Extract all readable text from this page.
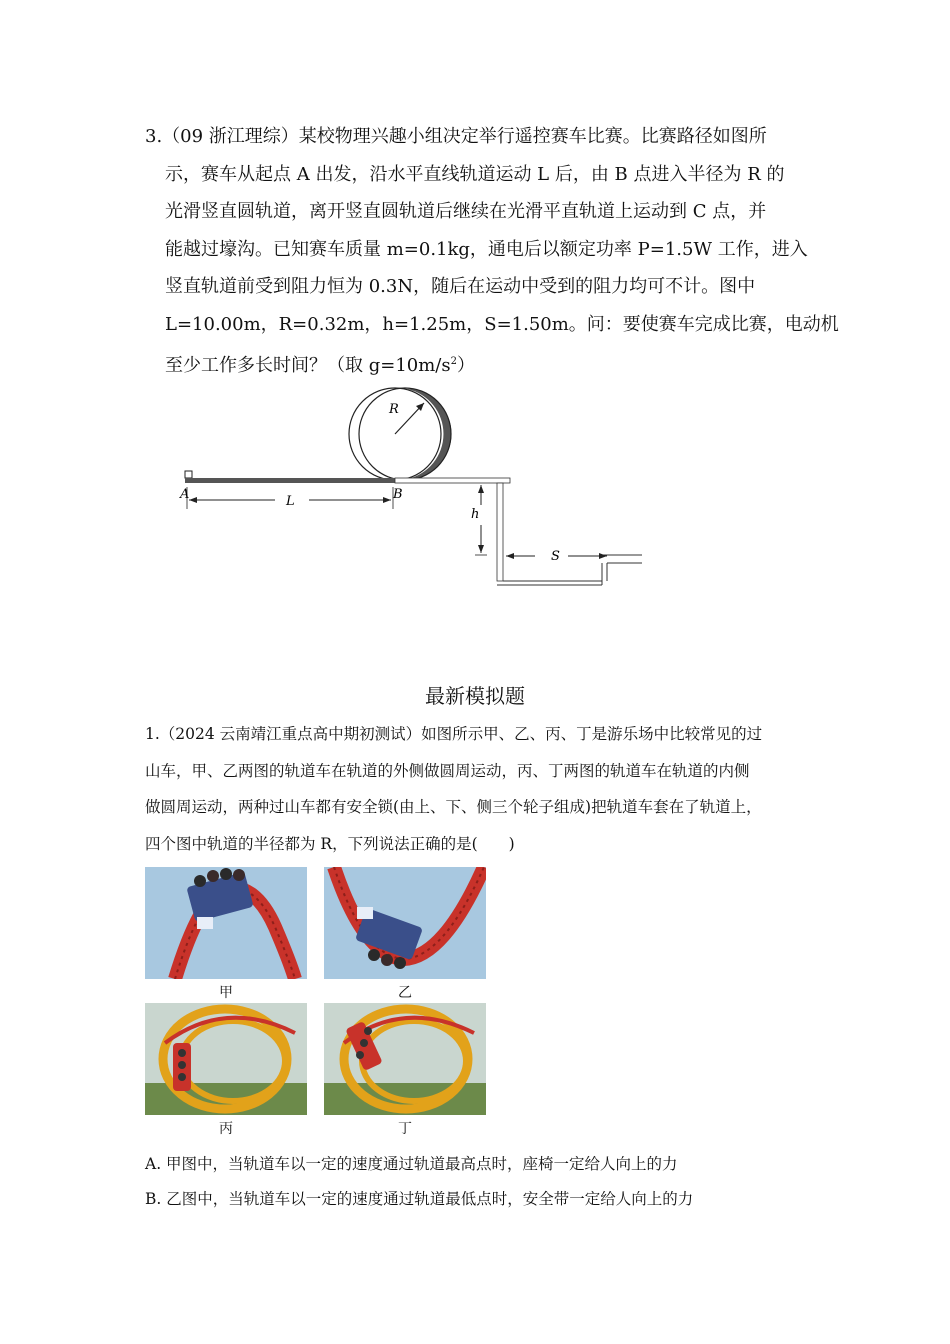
3.（09 浙江理综）某校物理兴趣小组决定举行遥控赛车比赛。比赛路径如图所
示，赛车从起点 A 出发，沿水平直线轨道运动 L 后，由 B 点进入半径为 R 的
光滑竖直圆轨道，离开竖直圆轨道后继续在光滑平直轨道上运动到 C 点，并
能越过壕沟。已知赛车质量 m=0.1kg，通电后以额定功率 P=1.5W 工作，进入
竖直轨道前受到阻力恒为 0.3N，随后在运动中受到的阻力均可不计。图中
L=10.00m，R=0.32m，h=1.25m，S=1.50m。问：要使赛车完成比赛，电动机
至少工作多长时间？（取 $g=10m/s^2$）
R
L
A	B
h
S
最新模拟题
1.（2024 云南靖江重点高中期初测试）如图所示甲、乙、丙、丁是游乐场中比较常见的过
山车，甲、乙两图的轨道车在轨道的外侧做圆周运动，丙、丁两图的轨道车在轨道的内侧
做圆周运动，两种过山车都有安全锁(由上、下、侧三个轮子组成)把轨道车套在了轨道上，
四个图中轨道的半径都为 R，下列说法正确的是(　　)
甲	乙
丙	丁
A. 甲图中，当轨道车以一定的速度通过轨道最高点时，座椅一定给人向上的力
B. 乙图中，当轨道车以一定的速度通过轨道最低点时，安全带一定给人向上的力
